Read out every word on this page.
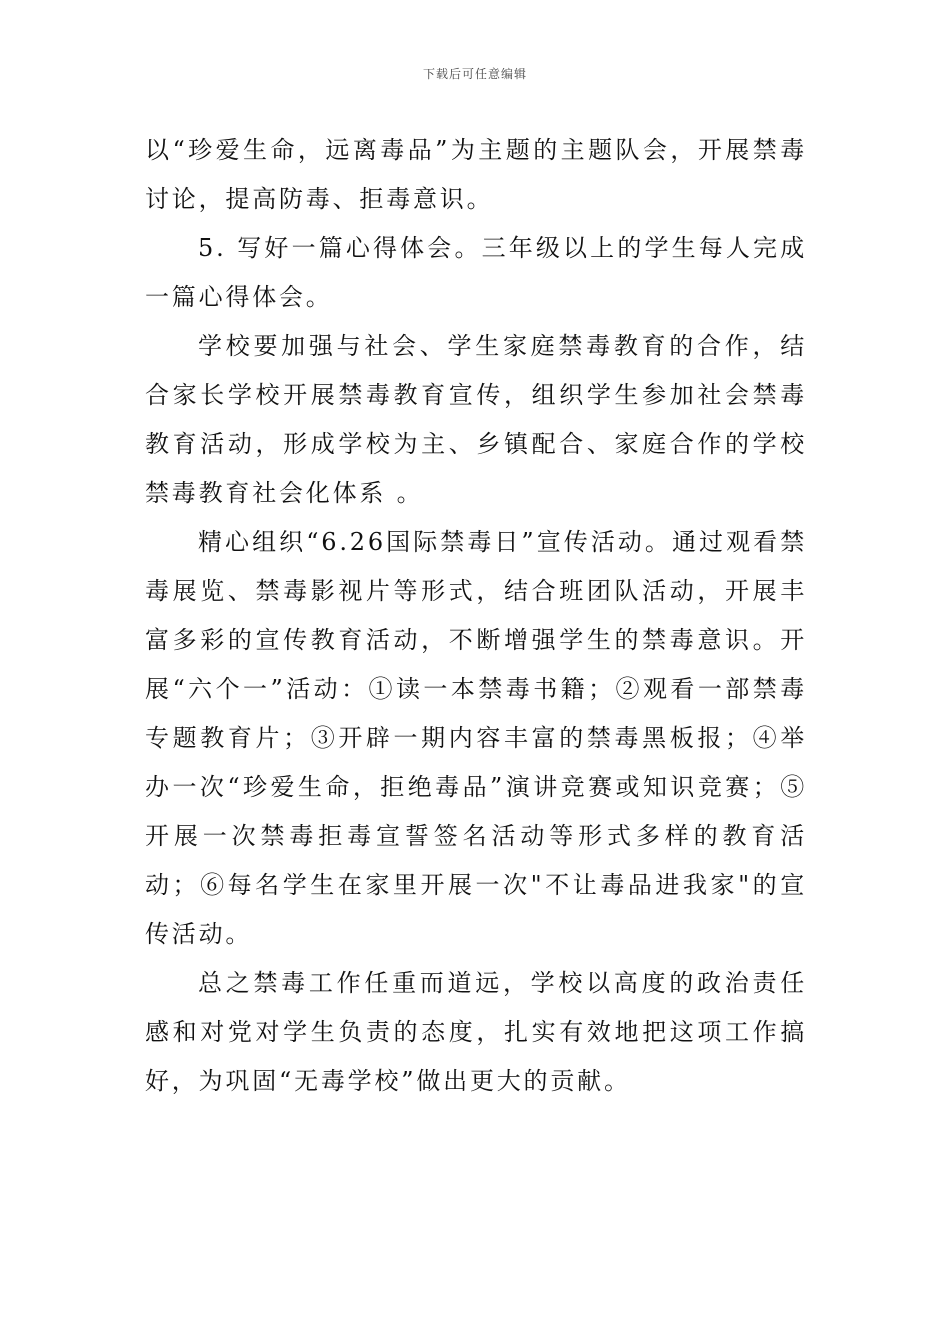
下载后可任意编辑

以“珍爱生命，远离毒品”为主题的主题队会，开展禁毒讨论，提高防毒、拒毒意识。

5. 写好一篇心得体会。三年级以上的学生每人完成一篇心得体会。

学校要加强与社会、学生家庭禁毒教育的合作，结合家长学校开展禁毒教育宣传，组织学生参加社会禁毒教育活动，形成学校为主、乡镇配合、家庭合作的学校禁毒教育社会化体系 。

精心组织“6.26国际禁毒日”宣传活动。通过观看禁毒展览、禁毒影视片等形式，结合班团队活动，开展丰富多彩的宣传教育活动，不断增强学生的禁毒意识。开展“六个一”活动：①读一本禁毒书籍；②观看一部禁毒专题教育片；③开辟一期内容丰富的禁毒黑板报；④举办一次“珍爱生命，拒绝毒品”演讲竞赛或知识竞赛；⑤开展一次禁毒拒毒宣誓签名活动等形式多样的教育活动；⑥每名学生在家里开展一次"不让毒品进我家"的宣传活动。

总之禁毒工作任重而道远，学校以高度的政治责任感和对党对学生负责的态度，扎实有效地把这项工作搞好，为巩固“无毒学校”做出更大的贡献。
